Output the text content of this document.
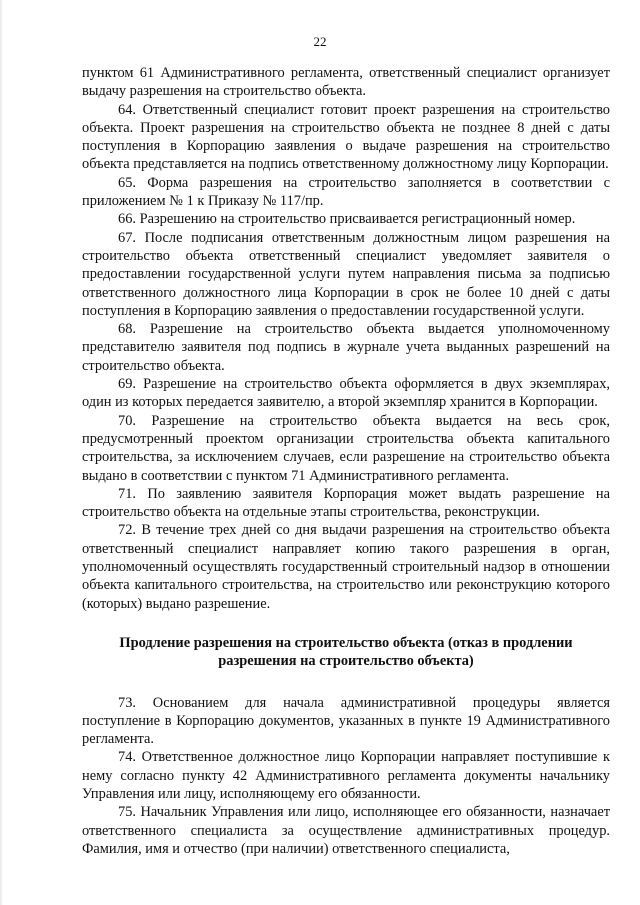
22

пунктом 61 Административного регламента, ответственный специалист организует выдачу разрешения на строительство объекта.

64. Ответственный специалист готовит проект разрешения на строительство объекта. Проект разрешения на строительство объекта не позднее 8 дней с даты поступления в Корпорацию заявления о выдаче разрешения на строительство объекта представляется на подпись ответственному должностному лицу Корпорации.

65. Форма разрешения на строительство заполняется в соответствии с приложением № 1 к Приказу № 117/пр.

66. Разрешению на строительство присваивается регистрационный номер.

67. После подписания ответственным должностным лицом разрешения на строительство объекта ответственный специалист уведомляет заявителя о предоставлении государственной услуги путем направления письма за подписью ответственного должностного лица Корпорации в срок не более 10 дней с даты поступления в Корпорацию заявления о предоставлении государственной услуги.

68. Разрешение на строительство объекта выдается уполномоченному представителю заявителя под подпись в журнале учета выданных разрешений на строительство объекта.

69. Разрешение на строительство объекта оформляется в двух экземплярах, один из которых передается заявителю, а второй экземпляр хранится в Корпорации.

70. Разрешение на строительство объекта выдается на весь срок, предусмотренный проектом организации строительства объекта капитального строительства, за исключением случаев, если разрешение на строительство объекта выдано в соответствии с пунктом 71 Административного регламента.

71. По заявлению заявителя Корпорация может выдать разрешение на строительство объекта на отдельные этапы строительства, реконструкции.

72. В течение трех дней со дня выдачи разрешения на строительство объекта ответственный специалист направляет копию такого разрешения в орган, уполномоченный осуществлять государственный строительный надзор в отношении объекта капитального строительства, на строительство или реконструкцию которого (которых) выдано разрешение.

Продление разрешения на строительство объекта (отказ в продлении разрешения на строительство объекта)

73. Основанием для начала административной процедуры является поступление в Корпорацию документов, указанных в пункте 19 Административного регламента.

74. Ответственное должностное лицо Корпорации направляет поступившие к нему согласно пункту 42 Административного регламента документы начальнику Управления или лицу, исполняющему его обязанности.

75. Начальник Управления или лицо, исполняющее его обязанности, назначает ответственного специалиста за осуществление административных процедур. Фамилия, имя и отчество (при наличии) ответственного специалиста,
